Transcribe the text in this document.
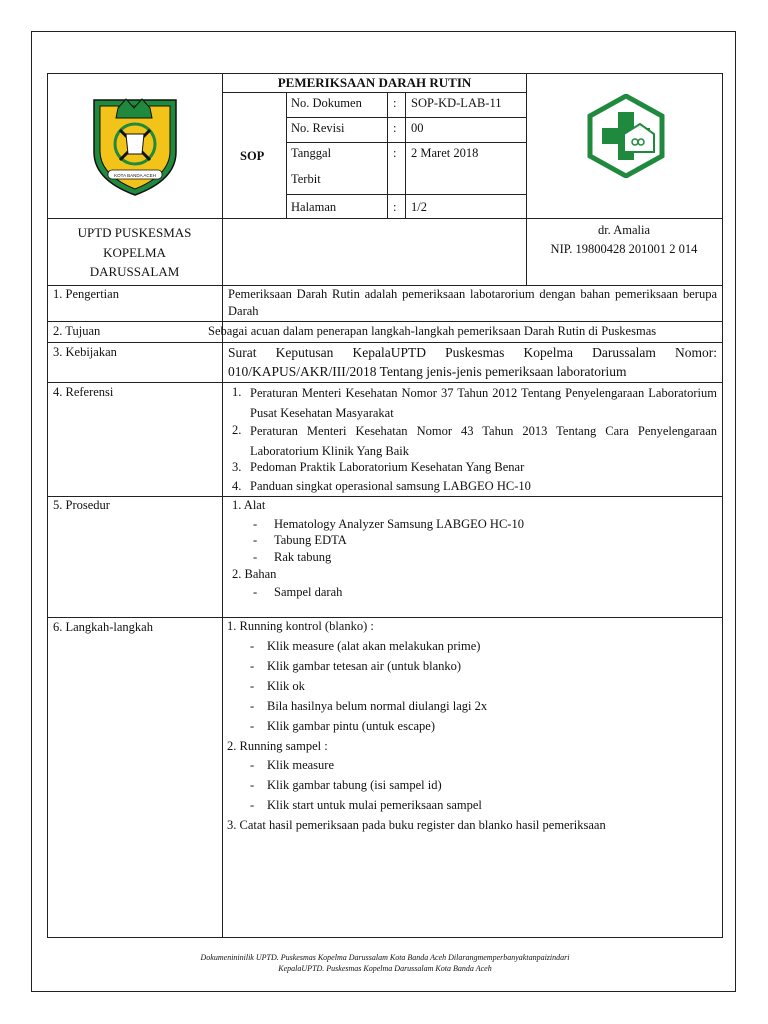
KOTA BANDA ACEH
PEMERIKSAAN DARAH RUTIN
SOP
No. Dokumen : SOP-KD-LAB-11
No. Revisi	: 00
Tanggal
Terbit
: 2 Maret 2018
Halaman	: 1/2
UPTD PUSKESMAS
KOPELMA
DARUSSALAM
dr. Amalia
NIP. 19800428 201001 2 014
1. Pengertian	Pemeriksaan Darah Rutin adalah pemeriksaan labotarorium dengan bahan pemeriksaan berupa Darah
2. Tujuan	Sebagai acuan dalam penerapan langkah-langkah pemeriksaan Darah Rutin di Puskesmas
3. Kebijakan	Surat Keputusan KepalaUPTD Puskesmas Kopelma Darussalam Nomor: 010/KAPUS/AKR/III/2018 Tentang jenis-jenis pemeriksaan laboratorium
4. Referensi	1. Peraturan Menteri Kesehatan Nomor 37 Tahun 2012 Tentang Penyelengaraan Laboratorium Pusat Kesehatan Masyarakat
2. Peraturan Menteri Kesehatan Nomor 43 Tahun 2013 Tentang Cara Penyelengaraan Laboratorium Klinik Yang Baik
3. Pedoman Praktik Laboratorium Kesehatan Yang Benar
4. Panduan singkat operasional samsung LABGEO HC-10
5. Prosedur	1. Alat
- Hematology Analyzer Samsung LABGEO HC-10
- Tabung EDTA
- Rak tabung
2. Bahan
- Sampel darah
6. Langkah-langkah	1. Running kontrol (blanko) :
- Klik measure (alat akan melakukan prime)
- Klik gambar tetesan air (untuk blanko)
- Klik ok
- Bila hasilnya belum normal diulangi lagi 2x
- Klik gambar pintu (untuk escape)
2. Running sampel :
- Klik measure
- Klik gambar tabung (isi sampel id)
- Klik start untuk mulai pemeriksaan sampel
3. Catat hasil pemeriksaan pada buku register dan blanko hasil pemeriksaan
Dokumenininilik UPTD. Puskesmas Kopelma Darussalam Kota Banda Aceh Dilarangmemperbanyaktanpaizindari
KepalaUPTD. Puskesmas Kopelma Darussalam Kota Banda Aceh
